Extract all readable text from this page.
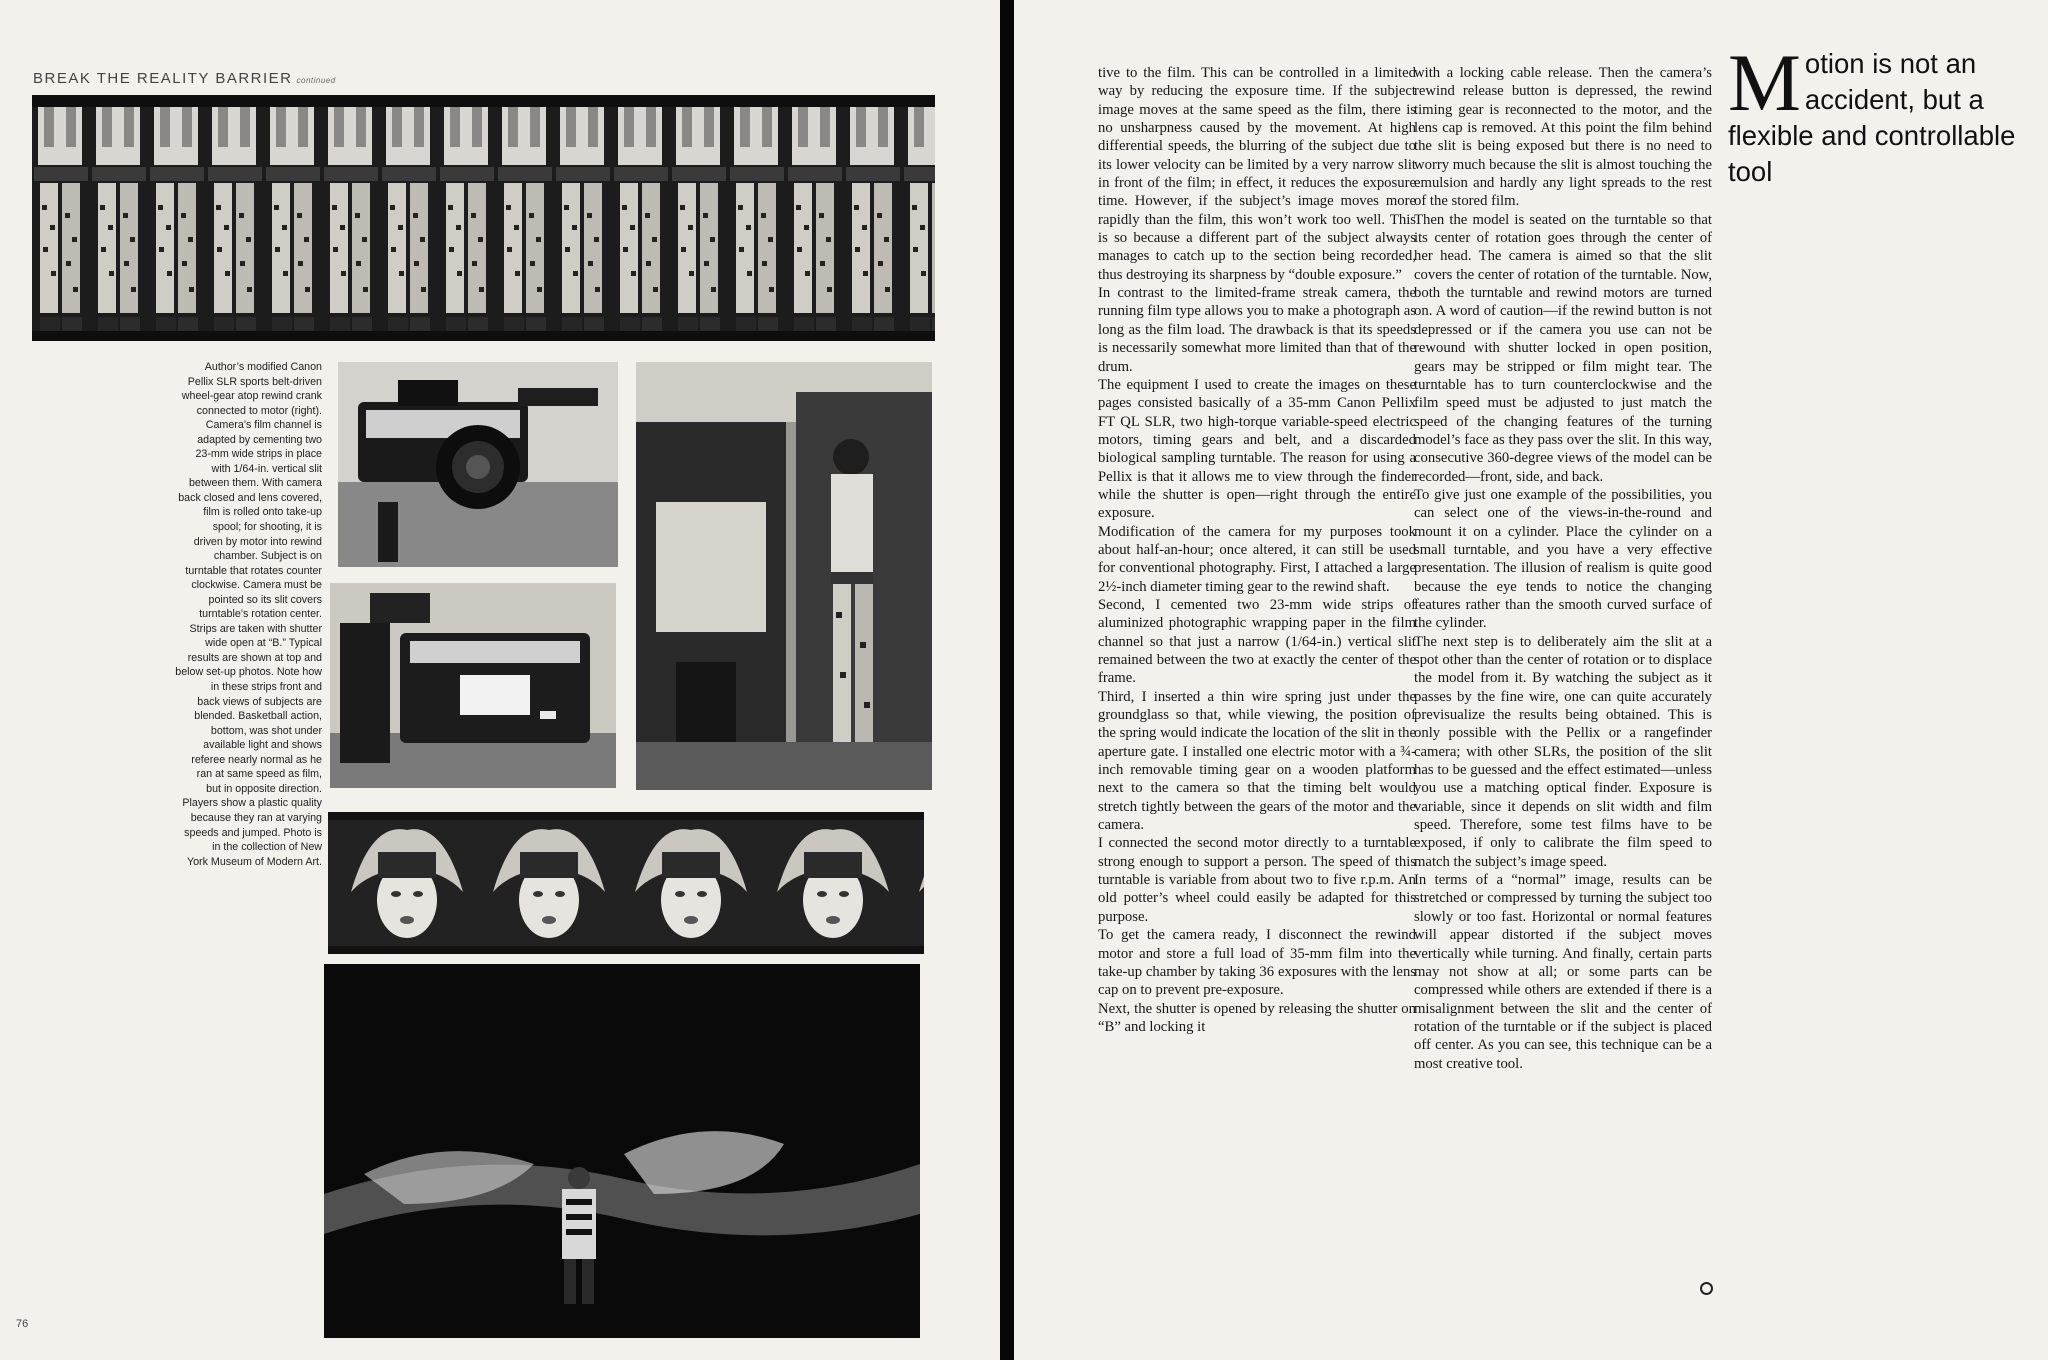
BREAK THE REALITY BARRIER continued
Author’s modified Canon
Pellix SLR sports belt-driven
wheel-gear atop rewind crank
connected to motor (right).
Camera’s film channel is
adapted by cementing two
23-mm wide strips in place
with 1/64-in. vertical slit
between them. With camera
back closed and lens covered,
film is rolled onto take-up
spool; for shooting, it is
driven by motor into rewind
chamber. Subject is on
turntable that rotates counter
clockwise. Camera must be
pointed so its slit covers
turntable’s rotation center.
Strips are taken with shutter
wide open at “B.” Typical
results are shown at top and
below set-up photos. Note how
in these strips front and
back views of subjects are
blended. Basketball action,
bottom, was shot under
available light and shows
referee nearly normal as he
ran at same speed as film,
but in opposite direction.
Players show a plastic quality
because they ran at varying
speeds and jumped. Photo is
in the collection of New
York Museum of Modern Art.
76
tive to the film. This can be controlled in a limited way by reducing the exposure time. If the subject image moves at the same speed as the film, there is no unsharpness caused by the movement. At high differential speeds, the blurring of the subject due to its lower velocity can be limited by a very narrow slit in front of the film; in effect, it reduces the exposure time. However, if the subject’s image moves more rapidly than the film, this won’t work too well. This is so because a different part of the subject always manages to catch up to the section being recorded, thus destroying its sharpness by “double exposure.”
In contrast to the limited-frame streak camera, the running film type allows you to make a photograph as long as the film load. The drawback is that its speeds is necessarily somewhat more limited than that of the drum.
The equipment I used to create the images on these pages consisted basically of a 35-mm Canon Pellix FT QL SLR, two high-torque variable-speed electric motors, timing gears and belt, and a discarded biological sampling turntable. The reason for using a Pellix is that it allows me to view through the finder while the shutter is open—right through the entire exposure.
Modification of the camera for my purposes took about half-an-hour; once altered, it can still be used for conventional photography. First, I attached a large 2½-inch diameter timing gear to the rewind shaft.
Second, I cemented two 23-mm wide strips of aluminized photographic wrapping paper in the film channel so that just a narrow (1/64-in.) vertical slit remained between the two at exactly the center of the frame.
Third, I inserted a thin wire spring just under the groundglass so that, while viewing, the position of the spring would indicate the location of the slit in the aperture gate. I installed one electric motor with a ¾-inch removable timing gear on a wooden platform next to the camera so that the timing belt would stretch tightly between the gears of the motor and the camera.
I connected the second motor directly to a turntable strong enough to support a person. The speed of this turntable is variable from about two to five r.p.m. An old potter’s wheel could easily be adapted for this purpose.
To get the camera ready, I disconnect the rewind motor and store a full load of 35-mm film into the take-up chamber by taking 36 exposures with the lens cap on to prevent pre-exposure.
Next, the shutter is opened by releasing the shutter on “B” and locking it
with a locking cable release. Then the camera’s rewind release button is depressed, the rewind timing gear is reconnected to the motor, and the lens cap is removed. At this point the film behind the slit is being exposed but there is no need to worry much because the slit is almost touching the emulsion and hardly any light spreads to the rest of the stored film.
Then the model is seated on the turntable so that its center of rotation goes through the center of her head. The camera is aimed so that the slit covers the center of rotation of the turntable. Now, both the turntable and rewind motors are turned on. A word of caution—if the rewind button is not depressed or if the camera you use can not be rewound with shutter locked in open position, gears may be stripped or film might tear. The turntable has to turn counterclockwise and the film speed must be adjusted to just match the speed of the changing features of the turning model’s face as they pass over the slit. In this way, consecutive 360-degree views of the model can be recorded—front, side, and back.
To give just one example of the possibilities, you can select one of the views-in-the-round and mount it on a cylinder. Place the cylinder on a small turntable, and you have a very effective presentation. The illusion of realism is quite good because the eye tends to notice the changing features rather than the smooth curved surface of the cylinder.
The next step is to deliberately aim the slit at a spot other than the center of rotation or to displace the model from it. By watching the subject as it passes by the fine wire, one can quite accurately previsualize the results being obtained. This is only possible with the Pellix or a rangefinder camera; with other SLRs, the position of the slit has to be guessed and the effect estimated—unless you use a matching optical finder. Exposure is variable, since it depends on slit width and film speed. Therefore, some test films have to be exposed, if only to calibrate the film speed to match the subject’s image speed.
In terms of a “normal” image, results can be stretched or compressed by turning the subject too slowly or too fast. Horizontal or normal features will appear distorted if the subject moves vertically while turning. And finally, certain parts may not show at all; or some parts can be compressed while others are extended if there is a misalignment between the slit and the center of rotation of the turntable or if the subject is placed off center. As you can see, this technique can be a most creative tool.
Motion is not an accident, but a flexible and controllable tool
